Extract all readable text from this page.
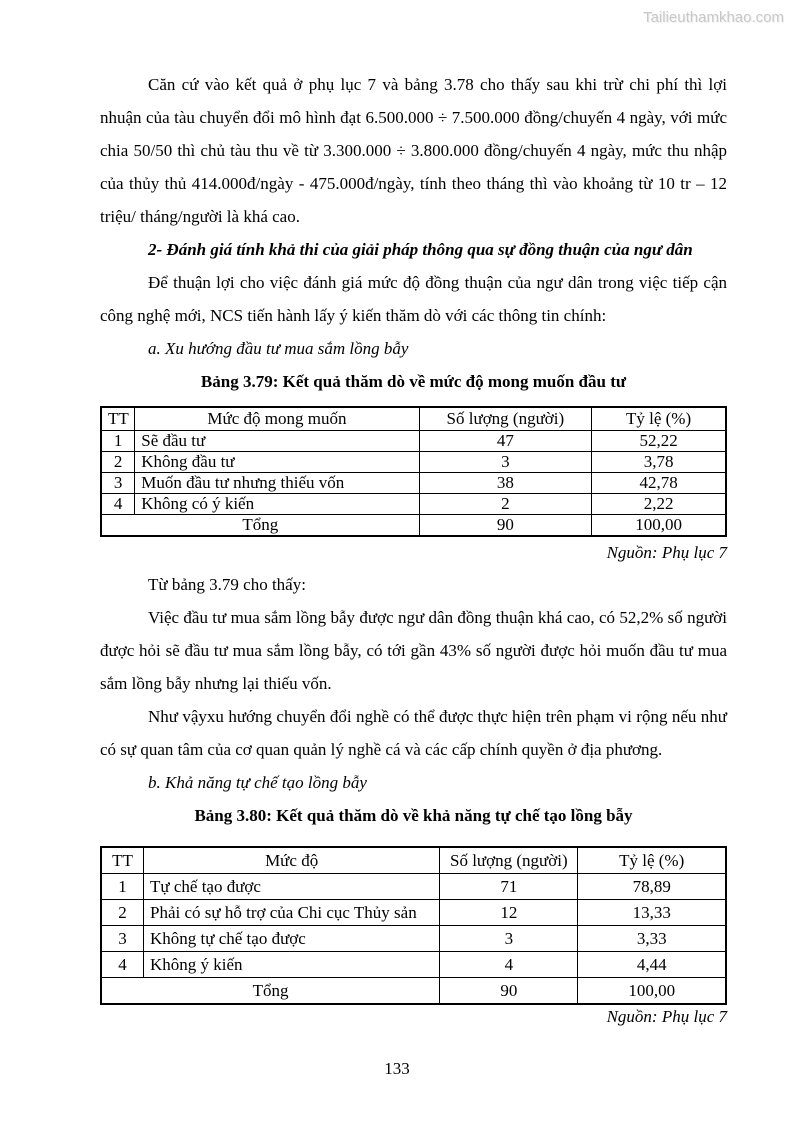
Tailieuthamkhao.com

Căn cứ vào kết quả ở phụ lục 7 và bảng 3.78 cho thấy sau khi trừ chi phí thì lợi nhuận của tàu chuyển đổi mô hình đạt 6.500.000 ÷ 7.500.000 đồng/chuyến 4 ngày, với mức chia 50/50 thì chủ tàu thu về từ 3.300.000 ÷ 3.800.000 đồng/chuyến 4 ngày, mức thu nhập của thủy thủ 414.000đ/ngày - 475.000đ/ngày, tính theo tháng thì vào khoảng từ 10 tr – 12 triệu/ tháng/người là khá cao.

2- Đánh giá tính khả thi của giải pháp thông qua sự đồng thuận của ngư dân

Để thuận lợi cho việc đánh giá mức độ đồng thuận của ngư dân trong việc tiếp cận công nghệ mới, NCS tiến hành lấy ý kiến thăm dò với các thông tin chính:

a. Xu hướng đầu tư mua sắm lồng bẫy

Bảng 3.79: Kết quả thăm dò về mức độ mong muốn đầu tư

TT	Mức độ mong muốn	Số lượng (người)	Tỷ lệ (%)
1	Sẽ đầu tư	47	52,22
2	Không đầu tư	3	3,78
3	Muốn đầu tư nhưng thiếu vốn	38	42,78
4	Không có ý kiến	2	2,22
Tổng		90	100,00

Nguồn: Phụ lục 7

Từ bảng 3.79 cho thấy:

Việc đầu tư mua sắm lồng bẫy được ngư dân đồng thuận khá cao, có 52,2% số người được hỏi sẽ đầu tư mua sắm lồng bẫy, có tới gần 43% số người được hỏi muốn đầu tư mua sắm lồng bẫy nhưng lại thiếu vốn.

Như vậyxu hướng chuyển đổi nghề có thể được thực hiện trên phạm vi rộng nếu như có sự quan tâm của cơ quan quản lý nghề cá và các cấp chính quyền ở địa phương.

b. Khả năng tự chế tạo lồng bẫy

Bảng 3.80: Kết quả thăm dò về khả năng tự chế tạo lồng bẫy

TT	Mức độ	Số lượng (người)	Tỷ lệ (%)
1	Tự chế tạo được	71	78,89
2	Phải có sự hỗ trợ của Chi cục Thủy sản	12	13,33
3	Không tự chế tạo được	3	3,33
4	Không ý kiến	4	4,44
Tổng		90	100,00

Nguồn: Phụ lục 7

133
